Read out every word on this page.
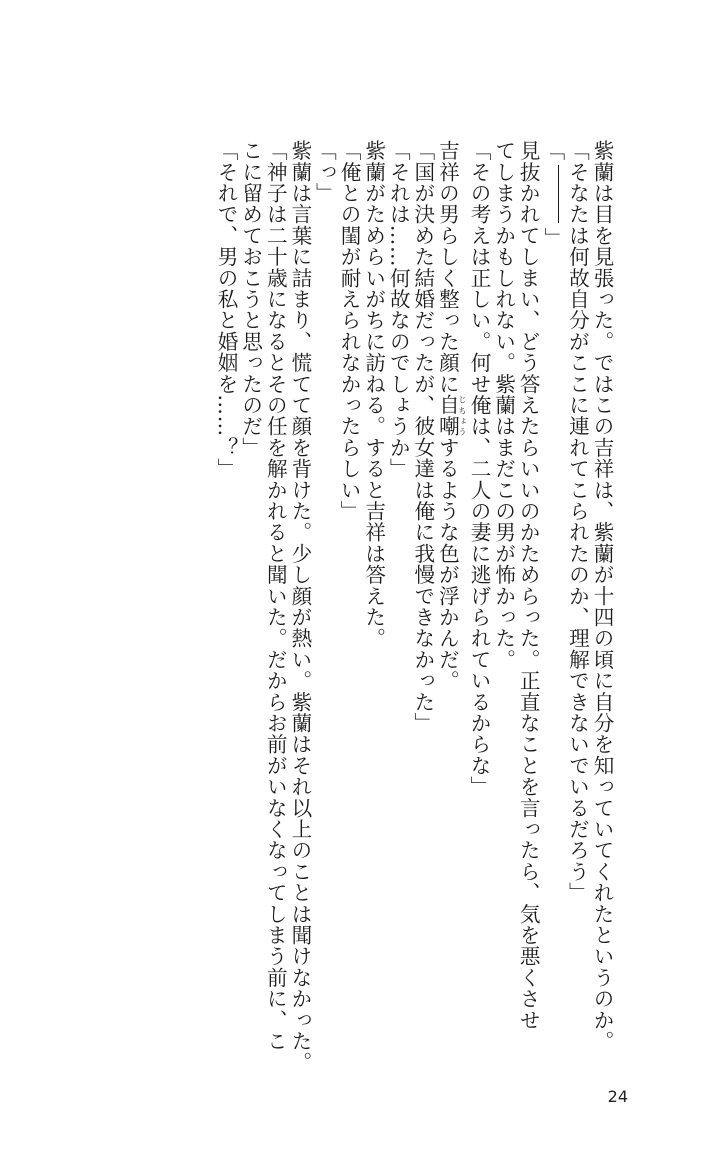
紫蘭は目を見張った。ではこの吉祥は、紫蘭が十四の頃に自分を知っていてくれたというのか。

「そなたは何故自分がここに連れてこられたのか、理解できないでいるだろう」

「」

見抜かれてしまい、どう答えたらいいのかためらった。正直なことを言ったら、気を悪くさせ

てしまうかもしれない。紫蘭はまだこの男が怖かった。

「その考えは正しい。何せ俺は、二人の妻に逃げられているからな」

吉祥の男らしく整った顔に自嘲じちょうするような色が浮かんだ。

「国が決めた結婚だったが、彼女達は俺に我慢できなかった」

「それは……何故なのでしょうか」

紫蘭がためらいがちに訪ねる。すると吉祥は答えた。

「俺との閨が耐えられなかったらしい」

「っ」

紫蘭は言葉に詰まり、慌てて顔を背けた。少し顔が熱い。紫蘭はそれ以上のことは聞けなかった。

「神子は二十歳になるとその任を解かれると聞いた。だからお前がいなくなってしまう前に、こ

こに留めておこうと思ったのだ」

「それで、男の私と婚姻を……？」

24
